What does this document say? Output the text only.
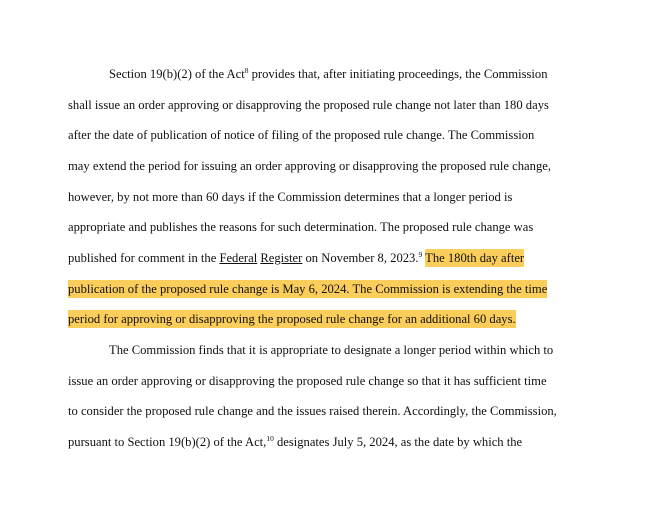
Section 19(b)(2) of the Act$^8$ provides that, after initiating proceedings, the Commission
shall issue an order approving or disapproving the proposed rule change not later than 180 days
after the date of publication of notice of filing of the proposed rule change. The Commission
may extend the period for issuing an order approving or disapproving the proposed rule change,
however, by not more than 60 days if the Commission determines that a longer period is
appropriate and publishes the reasons for such determination. The proposed rule change was
published for comment in the Federal Register on November 8, 2023.$^9$ The 180th day after
publication of the proposed rule change is May 6, 2024. The Commission is extending the time
period for approving or disapproving the proposed rule change for an additional 60 days.
The Commission finds that it is appropriate to designate a longer period within which to
issue an order approving or disapproving the proposed rule change so that it has sufficient time
to consider the proposed rule change and the issues raised therein. Accordingly, the Commission,
pursuant to Section 19(b)(2) of the Act,$^{10}$ designates July 5, 2024, as the date by which the
